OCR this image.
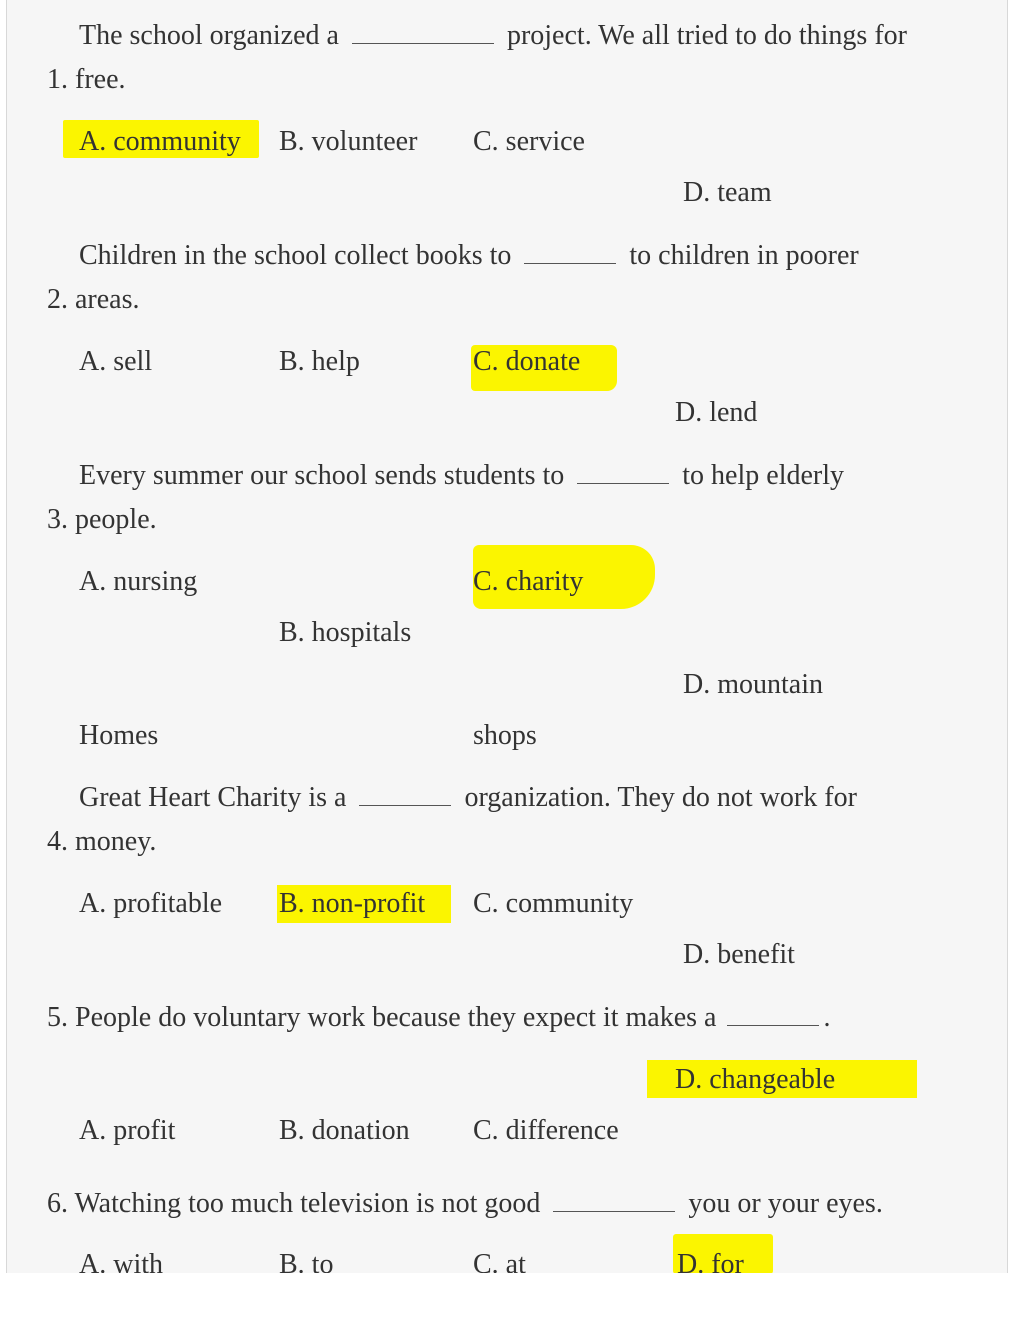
The school organized a	project. We all tried to do things for
1. free.
A. community B. volunteer C. service
D. team
Children in the school collect books to	to children in poorer
2. areas.
A. sell	B. help	C. donate
D. lend
Every summer our school sends students to	to help elderly
3. people.
A. nursing	C. charity
B. hospitals
D. mountain
Homes	shops
Great Heart Charity is a	organization. They do not work for
4. money.
A. profitable B. non-profit C. community
D. benefit
5. People do voluntary work because they expect it makes a	.
D. changeable
A. profit	B. donation C. difference
6. Watching too much television is not good	you or your eyes.
A. with	B. to	C. at	D. for
